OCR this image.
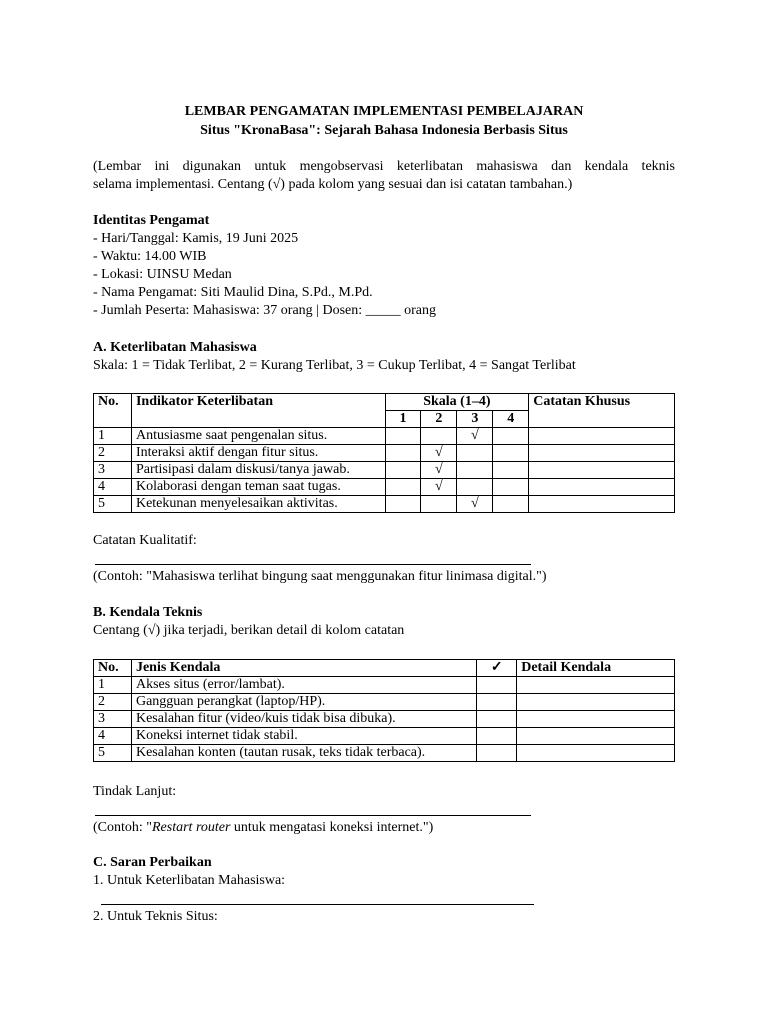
LEMBAR PENGAMATAN IMPLEMENTASI PEMBELAJARAN
Situs "KronaBasa": Sejarah Bahasa Indonesia Berbasis Situs
(Lembar ini digunakan untuk mengobservasi keterlibatan mahasiswa dan kendala teknis
selama implementasi. Centang (√) pada kolom yang sesuai dan isi catatan tambahan.)
Identitas Pengamat
- Hari/Tanggal: Kamis, 19 Juni 2025
- Waktu: 14.00 WIB
- Lokasi: UINSU Medan
- Nama Pengamat: Siti Maulid Dina, S.Pd., M.Pd.
- Jumlah Peserta: Mahasiswa: 37 orang | Dosen: _____ orang
A. Keterlibatan Mahasiswa
Skala: 1 = Tidak Terlibat, 2 = Kurang Terlibat, 3 = Cukup Terlibat, 4 = Sangat Terlibat
No.	Indikator Keterlibatan	Skala (1–4)				Catatan Khusus
		1	2	3	4	
1	Antusiasme saat pengenalan situs.			√		
2	Interaksi aktif dengan fitur situs.		√			
3	Partisipasi dalam diskusi/tanya jawab.		√			
4	Kolaborasi dengan teman saat tugas.		√			
5	Ketekunan menyelesaikan aktivitas.			√		
Catatan Kualitatif:
(Contoh: "Mahasiswa terlihat bingung saat menggunakan fitur linimasa digital.")
B. Kendala Teknis
Centang (√) jika terjadi, berikan detail di kolom catatan
No.	Jenis Kendala	✓	Detail Kendala
1	Akses situs (error/lambat).		
2	Gangguan perangkat (laptop/HP).		
3	Kesalahan fitur (video/kuis tidak bisa dibuka).		
4	Koneksi internet tidak stabil.		
5	Kesalahan konten (tautan rusak, teks tidak terbaca).		
Tindak Lanjut:
(Contoh: "Restart router untuk mengatasi koneksi internet.")
C. Saran Perbaikan
1. Untuk Keterlibatan Mahasiswa:
2. Untuk Teknis Situs:
